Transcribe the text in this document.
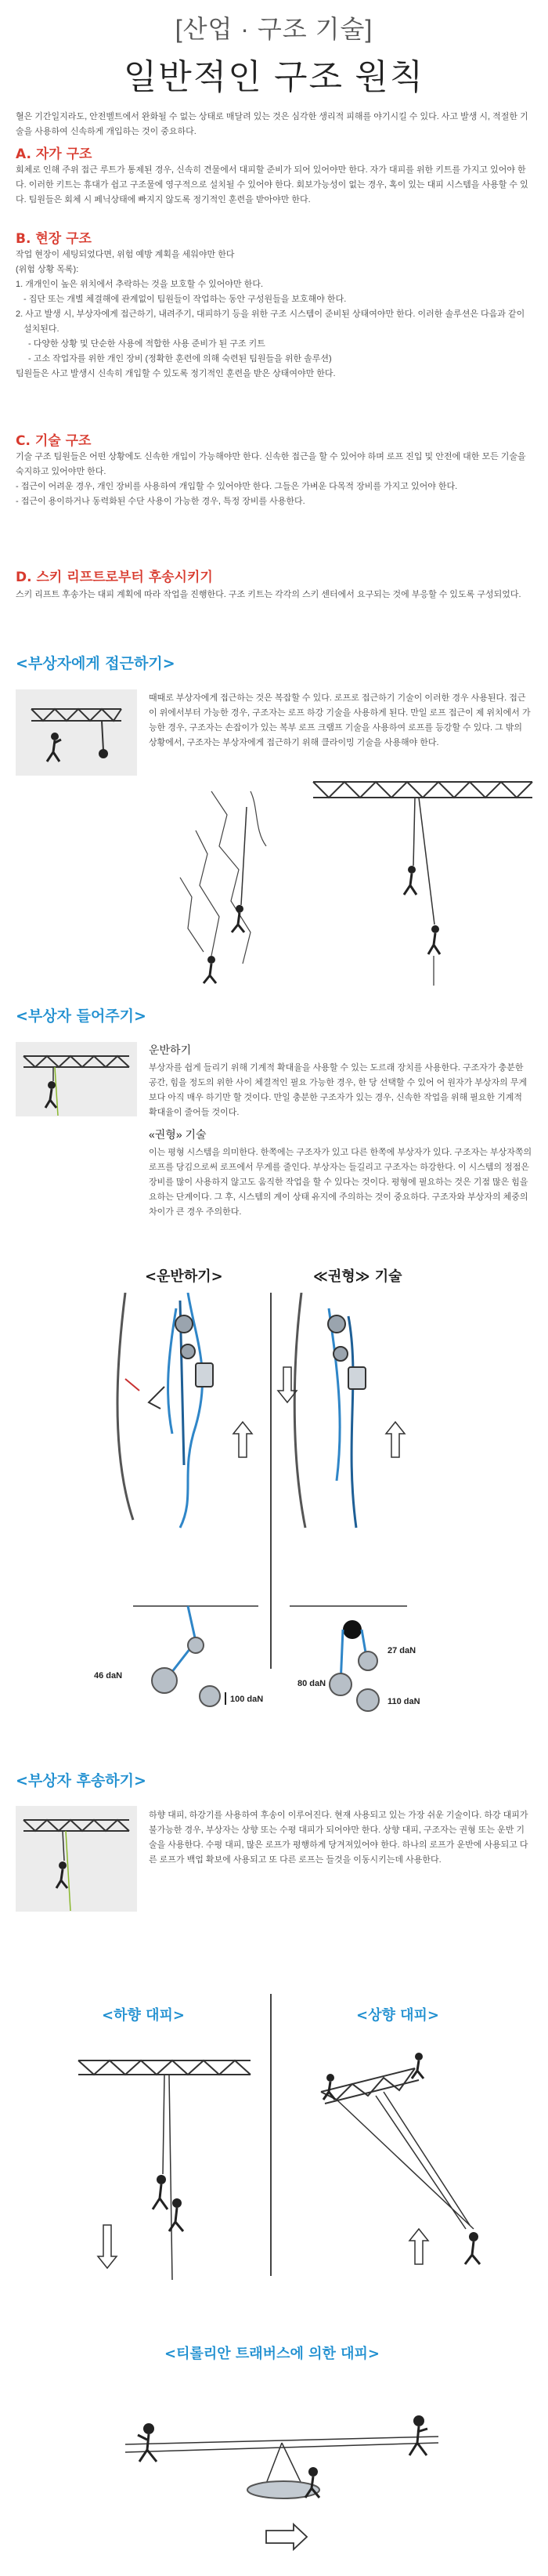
[산업 · 구조 기술]
일반적인 구조 원칙

혈은 기간일지라도, 안전벨트에서 완화될 수 없는 상태로 매달려 있는 것은 심각한 생리적 피해를 야기시킬 수 있다. 사고 발생 시, 적절한 기술을 사용하여 신속하게 개입하는 것이 중요하다.

A. 자가 구조

회체로 인해 주위 접근 루트가 통제된 경우, 신속히 견물에서 대피할 준비가 되어 있어야만 한다. 자가 대피를 위한 키트를 가지고 있어야 한다. 이러한 키트는 휴대가 쉽고 구조물에 영구적으로 설치될 수 있어야 한다. 회보가능성이 없는 경우, 혹이 있는 대피 시스템을 사용할 수 있다. 팀원들은 회체 시 페닉상태에 빠지지 않도록 정기적인 훈련을 받아야만 한다.

B. 현장 구조

작업 현장이 세팅되었다면, 위험 예방 계획을 세워야만 한다

(위험 상황 목록):

1. 개개인이 높은 위치에서 추락하는 것을 보호할 수 있어야만 한다.

- 집단 또는 개별 체결해에 관계없이 팀원들이 작업하는 동안 구성원들을 보호해야 한다.

2. 사고 발생 시, 부상자에게 접근하기, 내려주기, 대피하기 등을 위한 구조 시스템이 준비된 상태여야만 한다. 이러한 솔루션은 다음과 같이 설치된다.

- 다양한 상황 및 단순한 사용에 적합한 사용 준비가 된 구조 키트

- 고소 작업자를 위한 개인 장비 (정확한 훈련에 의해 숙련된 팀원들을 위한 솔루션)

팀원들은 사고 발생시 신속히 개입할 수 있도록 정기적인 훈련을 받은 상태여야만 한다.

C. 기술 구조

기술 구조 팀원들은 어떤 상황에도 신속한 개입이 가능해야만 한다. 신속한 접근을 할 수 있어야 하며 로프 진입 및 안전에 대한 모든 기술을 숙지하고 있어야만 한다.

- 접근이 어려운 경우, 개인 장비를 사용하여 개입할 수 있어야만 한다. 그들은 가벼운 다목적 장비를 가지고 있어야 한다.

- 접근이 용이하거나 동력화된 수단 사용이 가능한 경우, 특정 장비를 사용한다.

D. 스키 리프트로부터 후송시키기

스키 리프트 후송가는 대피 계획에 따라 작업을 진행한다. 구조 키트는 각각의 스키 센터에서 요구되는 것에 부응할 수 있도록 구성되었다.

<부상자에게 접근하기>

때때로 부상자에게 접근하는 것은 복잡할 수 있다. 로프로 접근하기 기술이 이러한 경우 사용된다. 접근이 위에서부터 가능한 경우, 구조자는 로프 하강 기술을 사용하게 된다. 만일 로프 접근이 제 위치에서 가능한 경우, 구조자는 손잡이가 있는 복부 로프 크램프 기술을 사용하여 로프를 등강할 수 있다. 그 밖의 상황에서, 구조자는 부상자에게 접근하기 위해 클라이밍 기술을 사용해야 한다.

<부상자 들어주기>
운반하기

부상자를 쉽게 들리기 위해 기계적 확대율을 사용할 수 있는 도르래 장치를 사용한다. 구조자가 충분한 공간, 힘을 정도의 위한 사이 체결적인 필요 가능한 경우, 한 당 선택할 수 있어 어 원자가 부상자의 무게 보다 아직 매우 하기만 할 것이다. 만일 충분한 구조자가 있는 경우, 신속한 작업을 위해 필요한 기계적 확대율이 줄어들 것이다.

«권형» 기술

이는 평형 시스템을 의미한다. 한쪽에는 구조자가 있고 다른 한쪽에 부상자가 있다. 구조자는 부상자쪽의 로프를 당김으로써 로프에서 무게를 줄인다. 부상자는 들길리고 구조자는 하강한다. 이 시스템의 정점은 장비를 많이 사용하지 않고도 움직한 작업을 할 수 있다는 것이다. 평형에 필요하는 것은 기점 많은 힘을 요하는 단계이다. 그 후, 시스템의 계이 상태 유지에 주의하는 것이 중요하다. 구조자와 부상자의 체중의 차이가 큰 경우 주의한다.

<운반하기>	≪권형≫ 기술
46 daN
100 daN
80 daN
27 daN
110 daN
<부상자 후송하기>

하향 대피, 하강기를 사용하여 후송이 이루어진다. 현재 사용되고 있는 가장 쉬운 기술이다. 하강 대피가 불가능한 경우, 부상자는 상향 또는 수평 대피가 되어야만 한다. 상향 대피, 구조자는 권형 또는 운반 기술을 사용한다. 수평 대피, 많은 로프가 평행하게 당겨져있어야 한다. 하나의 로프가 운반에 사용되고 다른 로프가 백업 확보에 사용되고 또 다른 로프는 들것을 이동시키는데 사용한다.

<하향 대피>	<상향 대피>
<티롤리안 트래버스에 의한 대피>
